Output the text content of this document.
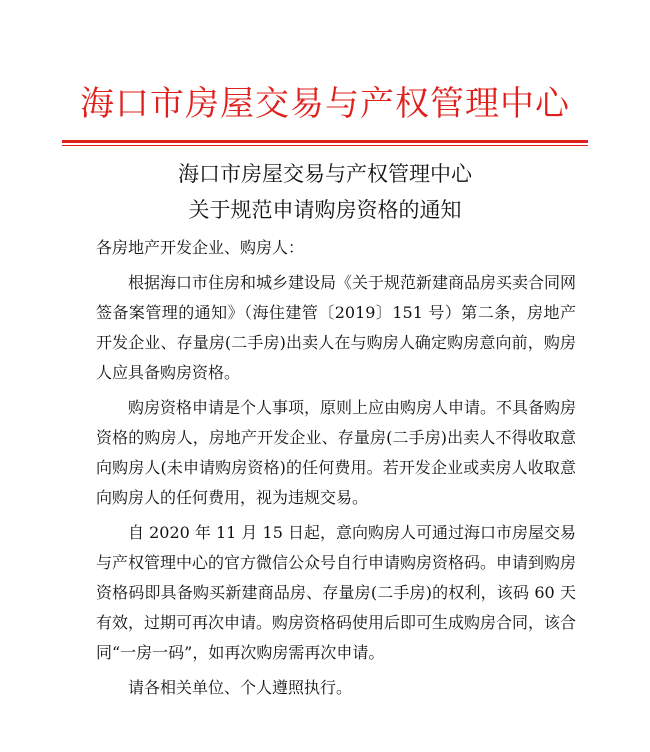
海口市房屋交易与产权管理中心
海口市房屋交易与产权管理中心
关于规范申请购房资格的通知

各房地产开发企业、购房人：

根据海口市住房和城乡建设局《关于规范新建商品房买卖合同网签备案管理的通知》（海住建管〔2019〕151 号）第二条，房地产开发企业、存量房(二手房)出卖人在与购房人确定购房意向前，购房人应具备购房资格。

购房资格申请是个人事项，原则上应由购房人申请。不具备购房资格的购房人，房地产开发企业、存量房(二手房)出卖人不得收取意向购房人(未申请购房资格)的任何费用。若开发企业或卖房人收取意向购房人的任何费用，视为违规交易。

自 2020 年 11 月 15 日起，意向购房人可通过海口市房屋交易与产权管理中心的官方微信公众号自行申请购房资格码。申请到购房资格码即具备购买新建商品房、存量房(二手房)的权利，该码 60 天有效，过期可再次申请。购房资格码使用后即可生成购房合同，该合同“一房一码”，如再次购房需再次申请。

请各相关单位、个人遵照执行。
